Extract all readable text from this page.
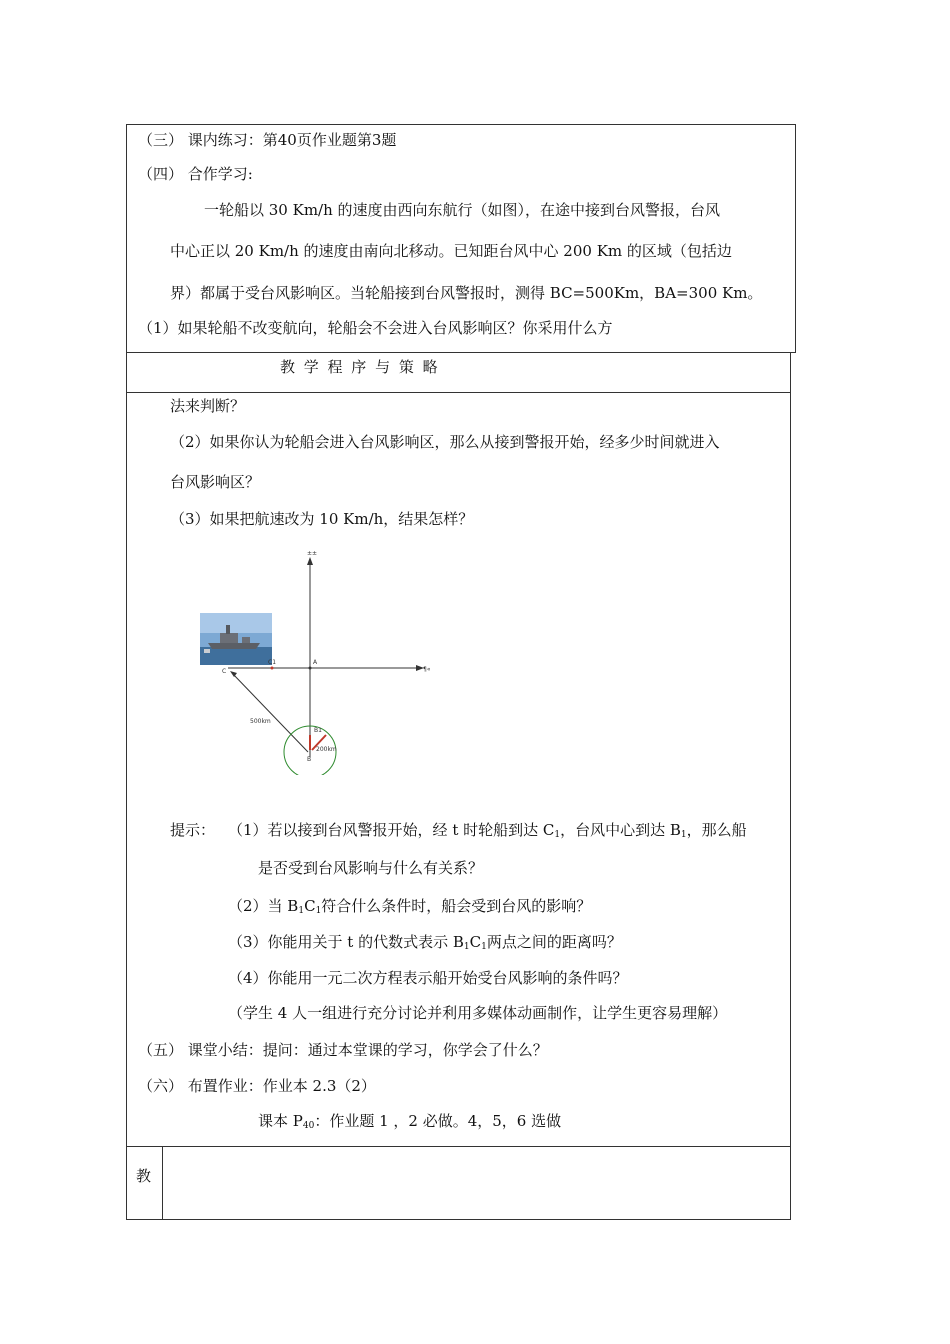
（三） 课内练习：第40页作业题第3题
（四） 合作学习:
一轮船以 30 Km/h 的速度由西向东航行（如图），在途中接到台风警报，台风
中心正以 20 Km/h 的速度由南向北移动。已知距台风中心 200 Km 的区域（包括边
界）都属于受台风影响区。当轮船接到台风警报时，测得 BC=500Km，BA=300 Km。
（1）如果轮船不改变航向，轮船会不会进入台风影响区？你采用什么方
教 学 程 序 与 策 略
法来判断？
（2）如果你认为轮船会进入台风影响区，那么从接到警报开始，经多少时间就进入
台风影响区？
（3）如果把航速改为 10 Km/h，结果怎样？
±±
¶«
C1	A
C
500km
B1
200km
B
提示： （1）若以接到台风警报开始，经 t 时轮船到达 $C_1$，台风中心到达 $B_1$，那么船
是否受到台风影响与什么有关系？
（2）当 $B_1C_1$符合什么条件时，船会受到台风的影响？
（3）你能用关于 t 的代数式表示 $B_1C_1$两点之间的距离吗？
（4）你能用一元二次方程表示船开始受台风影响的条件吗？
（学生 4 人一组进行充分讨论并利用多媒体动画制作，让学生更容易理解）
（五） 课堂小结：提问：通过本堂课的学习，你学会了什么？
（六） 布置作业：作业本 2.3（2）
课本 $P_{40}$：作业题 1 ，2 必做。4，5，6 选做
教
